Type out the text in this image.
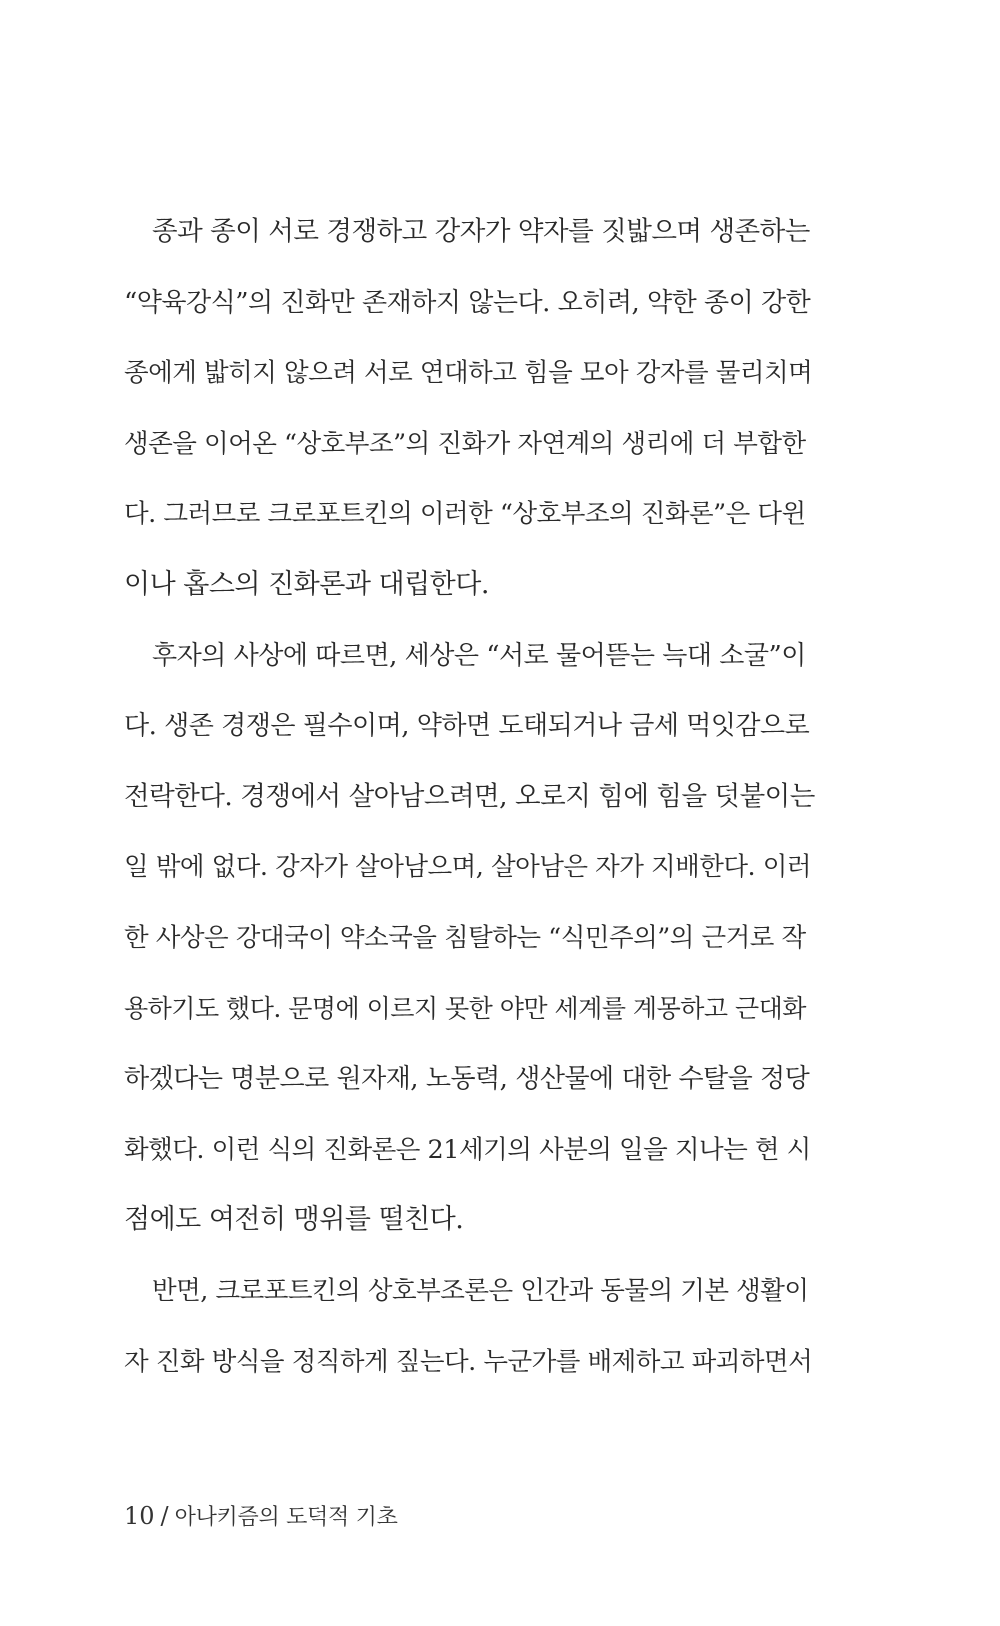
종과 종이 서로 경쟁하고 강자가 약자를 짓밟으며 생존하는
“약육강식”의 진화만 존재하지 않는다. 오히려, 약한 종이 강한
종에게 밟히지 않으려 서로 연대하고 힘을 모아 강자를 물리치며
생존을 이어온 “상호부조”의 진화가 자연계의 생리에 더 부합한
다. 그러므로 크로포트킨의 이러한 “상호부조의 진화론”은 다윈
이나 홉스의 진화론과 대립한다.
후자의 사상에 따르면, 세상은 “서로 물어뜯는 늑대 소굴”이
다. 생존 경쟁은 필수이며, 약하면 도태되거나 금세 먹잇감으로
전락한다. 경쟁에서 살아남으려면, 오로지 힘에 힘을 덧붙이는
일 밖에 없다. 강자가 살아남으며, 살아남은 자가 지배한다. 이러
한 사상은 강대국이 약소국을 침탈하는 “식민주의”의 근거로 작
용하기도 했다. 문명에 이르지 못한 야만 세계를 계몽하고 근대화
하겠다는 명분으로 원자재, 노동력, 생산물에 대한 수탈을 정당
화했다. 이런 식의 진화론은 21세기의 사분의 일을 지나는 현 시
점에도 여전히 맹위를 떨친다.
반면, 크로포트킨의 상호부조론은 인간과 동물의 기본 생활이
자 진화 방식을 정직하게 짚는다. 누군가를 배제하고 파괴하면서
10 / 아나키즘의 도덕적 기초
